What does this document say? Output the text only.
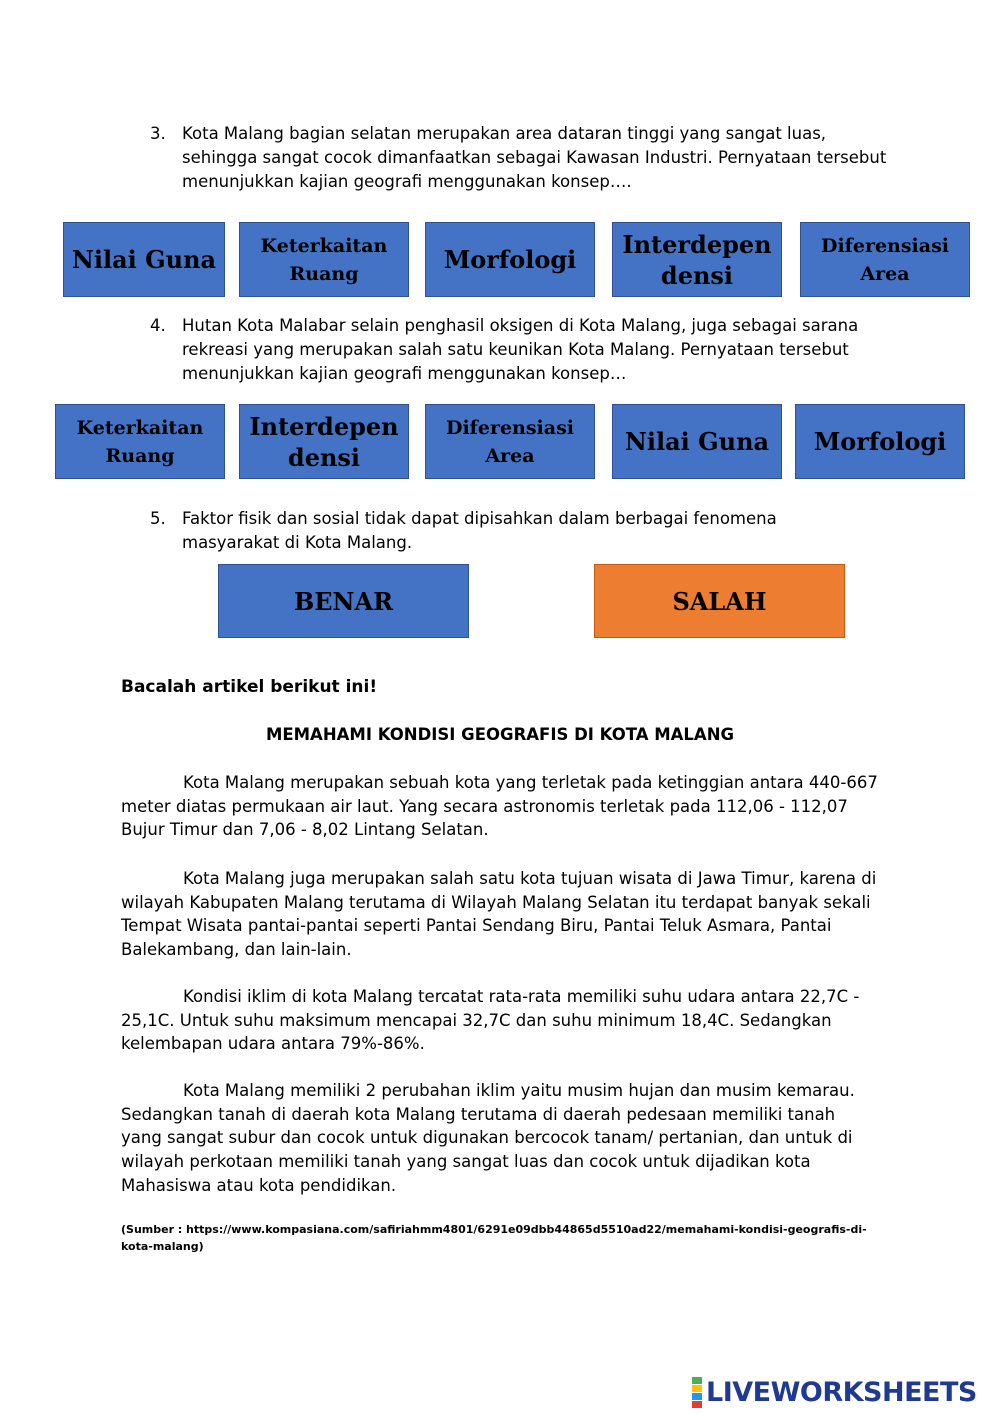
3. Kota Malang bagian selatan merupakan area dataran tinggi yang sangat luas, sehingga sangat cocok dimanfaatkan sebagai Kawasan Industri. Pernyataan tersebut menunjukkan kajian geografi menggunakan konsep….
Nilai Guna	Keterkaitan Ruang	Morfologi
Interdepen densi
Diferensiasi Area
4. Hutan Kota Malabar selain penghasil oksigen di Kota Malang, juga sebagai sarana rekreasi yang merupakan salah satu keunikan Kota Malang. Pernyataan tersebut menunjukkan kajian geografi menggunakan konsep…
Keterkaitan Ruang
Interdepen densi
Diferensiasi Area	Nilai Guna	Morfologi
5. Faktor fisik dan sosial tidak dapat dipisahkan dalam berbagai fenomena masyarakat di Kota Malang.
BENAR	SALAH
Bacalah artikel berikut ini!
MEMAHAMI KONDISI GEOGRAFIS DI KOTA MALANG
Kota Malang merupakan sebuah kota yang terletak pada ketinggian antara 440-667 meter diatas permukaan air laut. Yang secara astronomis terletak pada 112,06 - 112,07 Bujur Timur dan 7,06 - 8,02 Lintang Selatan.
Kota Malang juga merupakan salah satu kota tujuan wisata di Jawa Timur, karena di wilayah Kabupaten Malang terutama di Wilayah Malang Selatan itu terdapat banyak sekali Tempat Wisata pantai-pantai seperti Pantai Sendang Biru, Pantai Teluk Asmara, Pantai Balekambang, dan lain-lain.
Kondisi iklim di kota Malang tercatat rata-rata memiliki suhu udara antara 22,7C - 25,1C. Untuk suhu maksimum mencapai 32,7C dan suhu minimum 18,4C. Sedangkan kelembapan udara antara 79%-86%.
Kota Malang memiliki 2 perubahan iklim yaitu musim hujan dan musim kemarau. Sedangkan tanah di daerah kota Malang terutama di daerah pedesaan memiliki tanah yang sangat subur dan cocok untuk digunakan bercocok tanam/ pertanian, dan untuk di wilayah perkotaan memiliki tanah yang sangat luas dan cocok untuk dijadikan kota Mahasiswa atau kota pendidikan.
(Sumber : https://www.kompasiana.com/safiriahmm4801/6291e09dbb44865d5510ad22/memahami-kondisi-geografis-di-kota-malang)
LIVEWORKSHEETS
